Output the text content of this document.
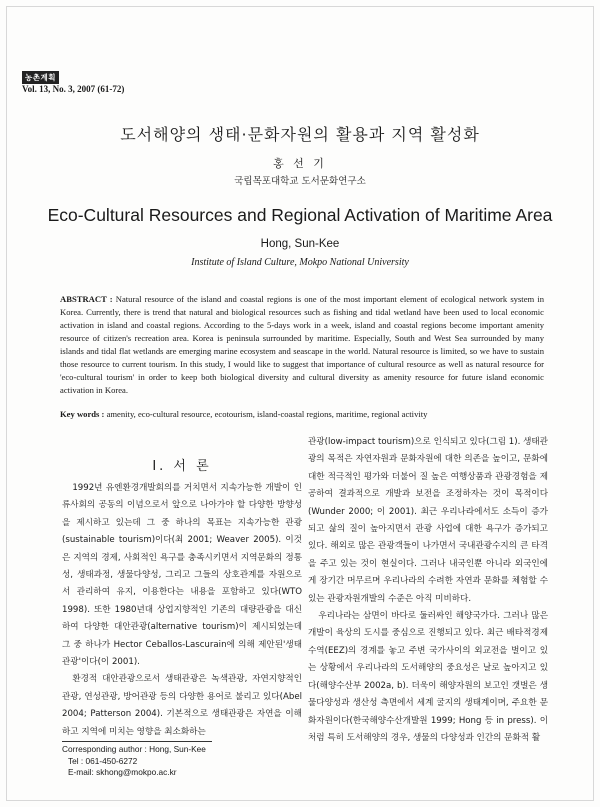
농촌계획
Vol. 13, No. 3, 2007 (61-72)
도서해양의 생태·문화자원의 활용과 지역 활성화
홍 선 기
국립목포대학교 도서문화연구소
Eco-Cultural Resources and Regional Activation of Maritime Area
Hong, Sun-Kee
Institute of Island Culture, Mokpo National University
ABSTRACT : Natural resource of the island and coastal regions is one of the most important element of ecological network system in Korea. Currently, there is trend that natural and biological resources such as fishing and tidal wetland have been used to local economic activation in island and coastal regions. According to the 5-days work in a week, island and coastal regions become important amenity resource of citizen's recreation area. Korea is peninsula surrounded by maritime. Especially, South and West Sea surrounded by many islands and tidal flat wetlands are emerging marine ecosystem and seascape in the world. Natural resource is limited, so we have to sustain those resource to current tourism. In this study, I would like to suggest that importance of cultural resource as well as natural resource for 'eco-cultural tourism' in order to keep both biological diversity and cultural diversity as amenity resource for future island economic activation in Korea.
Key words : amenity, eco-cultural resource, ecotourism, island-coastal regions, maritime, regional activity
I. 서 론

1992년 유엔환경개발회의를 거치면서 지속가능한 개발이 인류사회의 공동의 이념으로서 앞으로 나아가야 할 다양한 방향성을 제시하고 있는데 그 중 하나의 목표는 지속가능한 관광(sustainable tourism)이다(최 2001; Weaver 2005). 이것은 지역의 경제, 사회적인 욕구를 충족시키면서 지역문화의 정통성, 생태과정, 생물다양성, 그리고 그들의 상호관계를 자원으로서 관리하여 유지, 이용한다는 내용을 포함하고 있다(WTO 1998). 또한 1980년대 상업지향적인 기존의 대량관광을 대신하여 다양한 대안관광(alternative tourism)이 제시되었는데 그 중 하나가 Hector Ceballos-Lascurain에 의해 제안된'생태관광'이다(이 2001).

환경적 대안관광으로서 생태관광은 녹색관광, 자연지향적인 관광, 연성관광, 방어관광 등의 다양한 용어로 불리고 있다(Abel 2004; Patterson 2004). 기본적으로 생태관광은 자연을 이해하고 지역에 미치는 영향을 최소화하는

관광(low-impact tourism)으로 인식되고 있다(그림 1). 생태관광의 목적은 자연자원과 문화자원에 대한 의존을 높이고, 문화에 대한 적극적인 평가와 더불어 질 높은 여행상품과 관광경험을 제공하여 결과적으로 개발과 보전을 조정하자는 것이 목적이다(Wunder 2000; 이 2001). 최근 우리나라에서도 소득이 증가되고 삶의 질이 높아지면서 관광 사업에 대한 욕구가 증가되고 있다. 해외로 많은 관광객들이 나가면서 국내관광수지의 큰 타격을 주고 있는 것이 현실이다. 그러나 내국인뿐 아니라 외국인에게 장기간 머무르며 우리나라의 수려한 자연과 문화를 체험할 수 있는 관광자원개발의 수준은 아직 미비하다.

우리나라는 삼면이 바다로 둘러싸인 해양국가다. 그러나 많은 개발이 육상의 도시를 중심으로 진행되고 있다. 최근 배타적경제수역(EEZ)의 경계를 놓고 주변 국가사이의 외교전을 벌이고 있는 상황에서 우리나라의 도서해양의 중요성은 날로 높아지고 있다(해양수산부 2002a, b). 더욱이 해양자원의 보고인 갯벌은 생물다양성과 생산성 측면에서 세계 굴지의 생태계이며, 주요한 문화자원이다(한국해양수산개발원 1999; Hong 등 in press). 이처럼 특히 도서해양의 경우, 생물의 다양성과 인간의 문화적 활

Corresponding author : Hong, Sun-Kee
Tel : 061-450-6272
E-mail: skhong@mokpo.ac.kr
